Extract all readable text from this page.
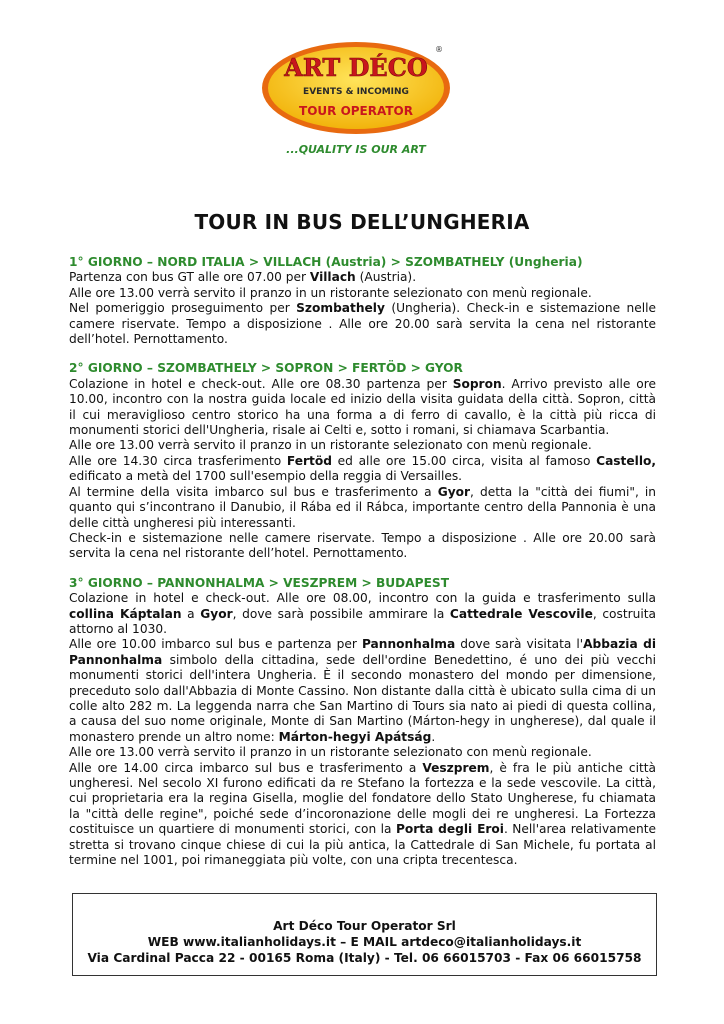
ART DÉCO
EVENTS & INCOMING
TOUR OPERATOR
®
...QUALITY IS OUR ART
TOUR IN BUS DELL’UNGHERIA
1° GIORNO – NORD ITALIA > VILLACH (Austria) > SZOMBATHELY (Ungheria)
Partenza con bus GT alle ore 07.00 per Villach (Austria).
Alle ore 13.00 verrà servito il pranzo in un ristorante selezionato con menù regionale.
Nel pomeriggio proseguimento per Szombathely (Ungheria). Check-in e sistemazione nelle camere riservate. Tempo a disposizione . Alle ore 20.00 sarà servita la cena nel ristorante dell’hotel. Pernottamento.
2° GIORNO – SZOMBATHELY > SOPRON > FERTÖD > GYOR
Colazione in hotel e check-out. Alle ore 08.30 partenza per Sopron. Arrivo previsto alle ore 10.00, incontro con la nostra guida locale ed inizio della visita guidata della città. Sopron, città il cui meraviglioso centro storico ha una forma a di ferro di cavallo, è la città più ricca di monumenti storici dell'Ungheria, risale ai Celti e, sotto i romani, si chiamava Scarbantia.
Alle ore 13.00 verrà servito il pranzo in un ristorante selezionato con menù regionale.
Alle ore 14.30 circa trasferimento Fertöd ed alle ore 15.00 circa, visita al famoso Castello, edificato a metà del 1700 sull'esempio della reggia di Versailles.
Al termine della visita imbarco sul bus e trasferimento a Gyor, detta la "città dei fiumi", in quanto qui s’incontrano il Danubio, il Rába ed il Rábca, importante centro della Pannonia è una delle città ungheresi più interessanti.
Check-in e sistemazione nelle camere riservate. Tempo a disposizione . Alle ore 20.00 sarà servita la cena nel ristorante dell’hotel. Pernottamento.
3° GIORNO – PANNONHALMA > VESZPREM > BUDAPEST
Colazione in hotel e check-out. Alle ore 08.00, incontro con la guida e trasferimento sulla collina Káptalan a Gyor, dove sarà possibile ammirare la Cattedrale Vescovile, costruita attorno al 1030.
Alle ore 10.00 imbarco sul bus e partenza per Pannonhalma dove sarà visitata l'Abbazia di Pannonhalma simbolo della cittadina, sede dell'ordine Benedettino, é uno dei più vecchi monumenti storici dell'intera Ungheria. È il secondo monastero del mondo per dimensione, preceduto solo dall'Abbazia di Monte Cassino. Non distante dalla città è ubicato sulla cima di un colle alto 282 m. La leggenda narra che San Martino di Tours sia nato ai piedi di questa collina, a causa del suo nome originale, Monte di San Martino (Márton-hegy in ungherese), dal quale il monastero prende un altro nome: Márton-hegyi Apátság.
Alle ore 13.00 verrà servito il pranzo in un ristorante selezionato con menù regionale.
Alle ore 14.00 circa imbarco sul bus e trasferimento a Veszprem, è fra le più antiche città ungheresi. Nel secolo XI furono edificati da re Stefano la fortezza e la sede vescovile. La città, cui proprietaria era la regina Gisella, moglie del fondatore dello Stato Ungherese, fu chiamata la "città delle regine", poiché sede d’incoronazione delle mogli dei re ungheresi. La Fortezza costituisce un quartiere di monumenti storici, con la Porta degli Eroi. Nell'area relativamente stretta si trovano cinque chiese di cui la più antica, la Cattedrale di San Michele, fu portata al termine nel 1001, poi rimaneggiata più volte, con una cripta trecentesca.
Art Déco Tour Operator Srl
WEB www.italianholidays.it – E MAIL artdeco@italianholidays.it
Via Cardinal Pacca 22 - 00165 Roma (Italy) - Tel. 06 66015703 - Fax 06 66015758
